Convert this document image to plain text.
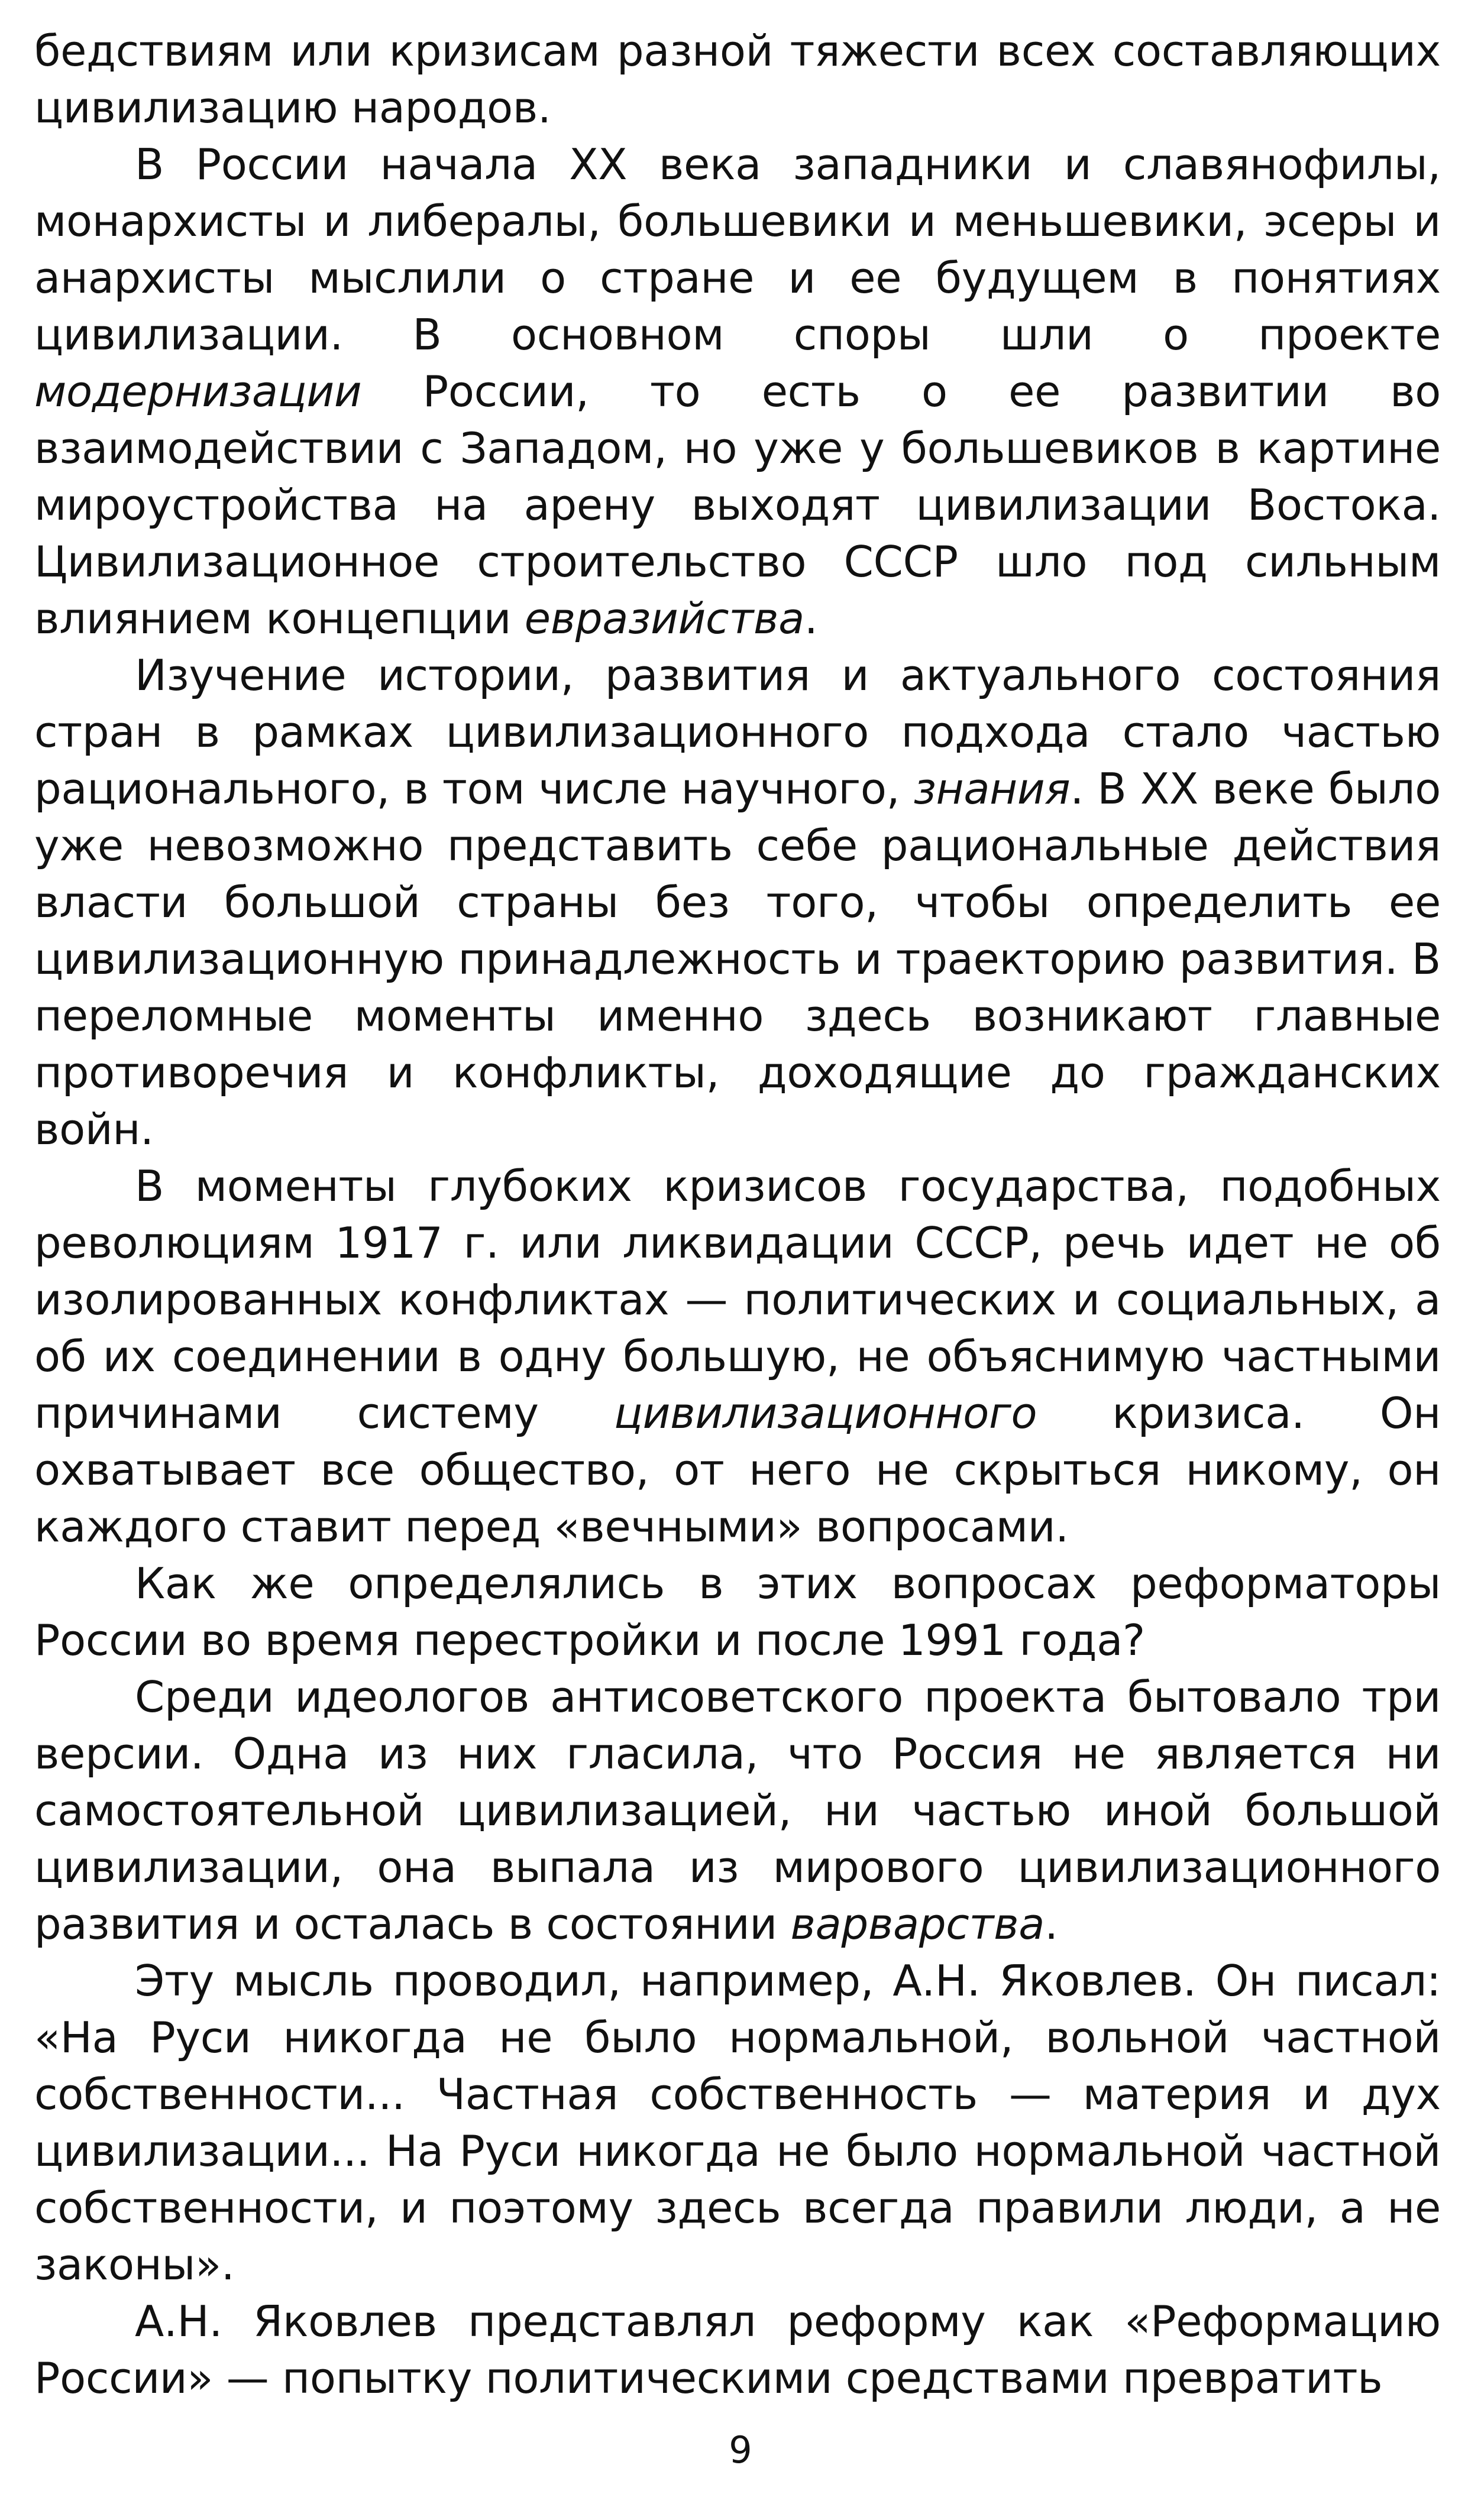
бедствиям или кризисам разной тяжести всех составляющих цивилизацию народов.

В России начала XX века западники и славянофилы, монархисты и либералы, большевики и меньшевики, эсеры и анархисты мыслили о стране и ее будущем в понятиях цивилизации. В основном споры шли о проекте модернизации России, то есть о ее развитии во взаимодействии с Западом, но уже у большевиков в картине мироустройства на арену выходят цивилизации Востока. Цивилизационное строительство СССР шло под сильным влиянием концепции евразийства.

Изучение истории, развития и актуального состояния стран в рамках цивилизационного подхода стало частью рационального, в том числе научного, знания. В XX веке было уже невозможно представить себе рациональные действия власти большой страны без того, чтобы определить ее цивилизационную принадлежность и траекторию развития. В переломные моменты именно здесь возникают главные противоречия и конфликты, доходящие до гражданских войн.

В моменты глубоких кризисов государства, подобных революциям 1917 г. или ликвидации СССР, речь идет не об изолированных конфликтах — политических и социальных, а об их соединении в одну большую, не объяснимую частными причинами систему цивилизационного кризиса. Он охватывает все общество, от него не скрыться никому, он каждого ставит перед «вечными» вопросами.

Как же определялись в этих вопросах реформаторы России во время перестройки и после 1991 года?

Среди идеологов антисоветского проекта бытовало три версии. Одна из них гласила, что Россия не является ни самостоятельной цивилизацией, ни частью иной большой цивилизации, она выпала из мирового цивилизационного развития и осталась в состоянии варварства.

Эту мысль проводил, например, А.Н. Яковлев. Он писал: «На Руси никогда не было нормальной, вольной частной собственности... Частная собственность — материя и дух цивилизации... На Руси никогда не было нормальной частной собственности, и поэтому здесь всегда правили люди, а не законы».

А.Н. Яковлев представлял реформу как «Реформацию России» — попытку политическими средствами превратить

9
